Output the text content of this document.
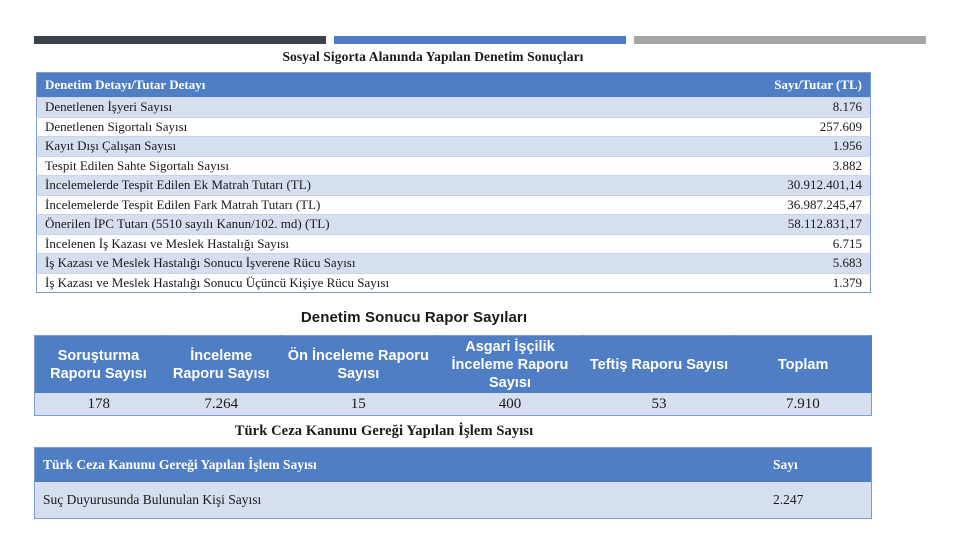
Sosyal Sigorta Alanında Yapılan Denetim Sonuçları
Denetim Detayı/Tutar Detayı	Sayı/Tutar (TL)
Denetlenen İşyeri Sayısı	8.176
Denetlenen Sigortalı Sayısı	257.609
Kayıt Dışı Çalışan Sayısı	1.956
Tespit Edilen Sahte Sigortalı Sayısı	3.882
İncelemelerde Tespit Edilen Ek Matrah Tutarı (TL)	30.912.401,14
İncelemelerde Tespit Edilen Fark Matrah Tutarı (TL)	36.987.245,47
Önerilen İPC Tutarı (5510 sayılı Kanun/102. md) (TL)	58.112.831,17
İncelenen İş Kazası ve Meslek Hastalığı Sayısı	6.715
İş Kazası ve Meslek Hastalığı Sonucu İşverene Rücu Sayısı	5.683
İş Kazası ve Meslek Hastalığı Sonucu Üçüncü Kişiye Rücu Sayısı	1.379
Denetim Sonucu Rapor Sayıları
Soruşturma Raporu Sayısı	İnceleme Raporu Sayısı	Ön İnceleme Raporu Sayısı	Asgari İşçilik İnceleme Raporu Sayısı	Teftiş Raporu Sayısı	Toplam
178	7.264	15	400	53	7.910
Türk Ceza Kanunu Gereği Yapılan İşlem Sayısı
Türk Ceza Kanunu Gereği Yapılan İşlem Sayısı	Sayı
Suç Duyurusunda Bulunulan Kişi Sayısı	2.247
